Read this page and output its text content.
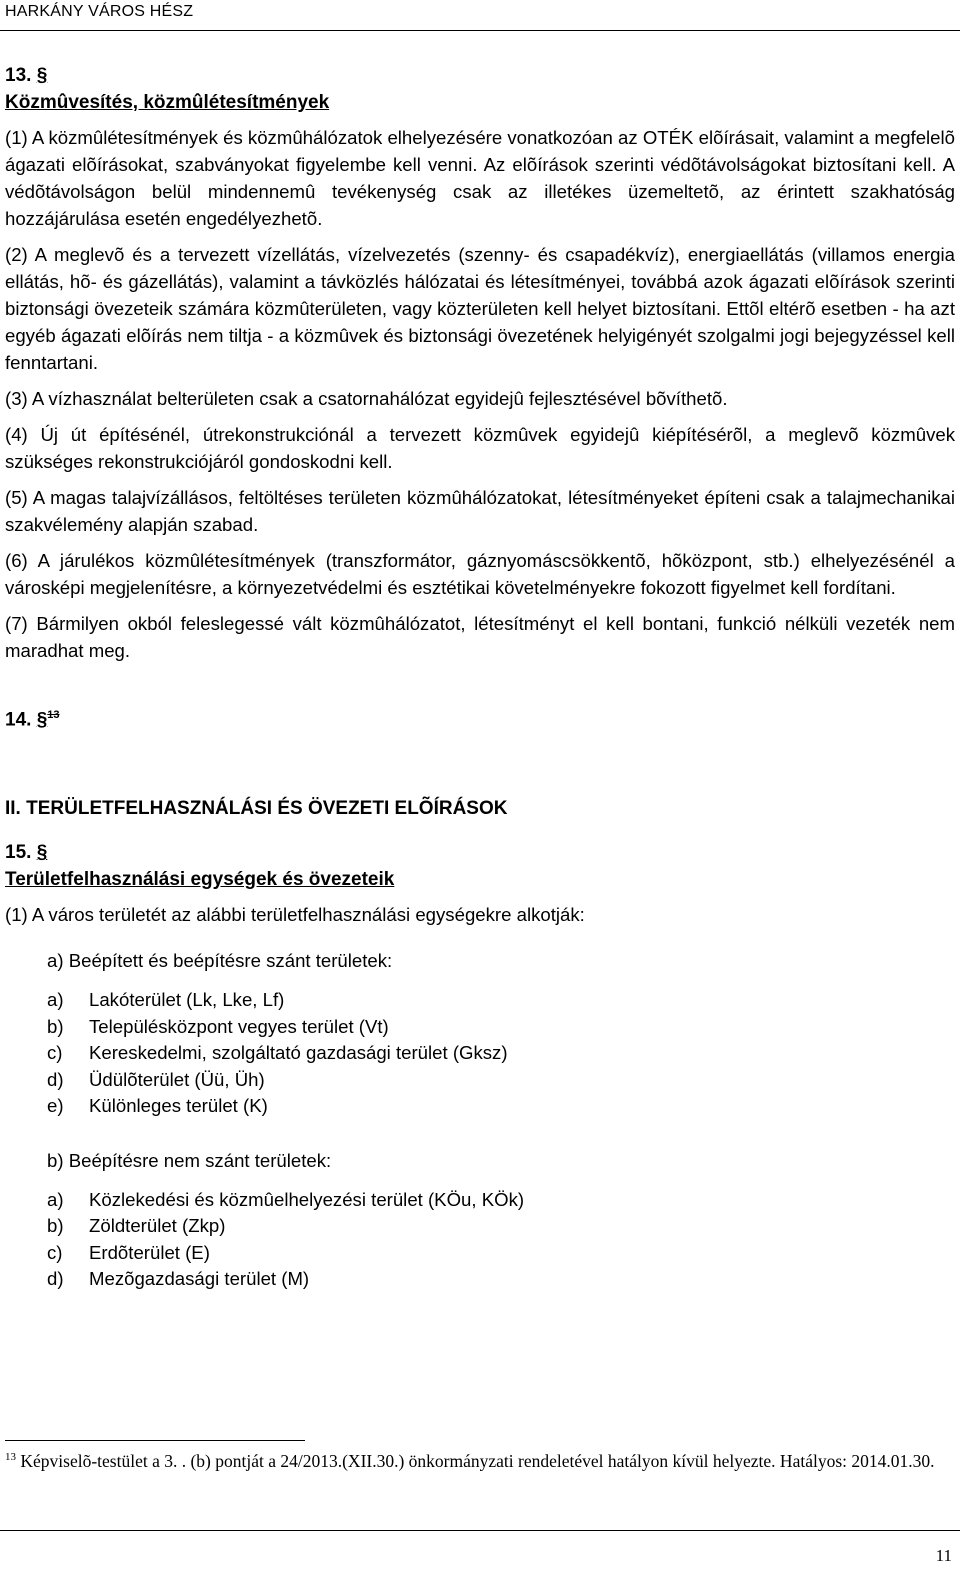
HARKÁNY VÁROS HÉSZ
13. §
Közmûvesítés, közmûlétesítmények
(1) A közmûlétesítmények és közmûhálózatok elhelyezésére vonatkozóan az OTÉK elõírásait, valamint a megfelelõ ágazati elõírásokat, szabványokat figyelembe kell venni. Az elõírások szerinti védõtávolságokat biztosítani kell. A védõtávolságon belül mindennemû tevékenység csak az illetékes üzemeltetõ, az érintett szakhatóság hozzájárulása esetén engedélyezhetõ.
(2) A meglevõ és a tervezett vízellátás, vízelvezetés (szenny- és csapadékvíz), energiaellátás (villamos energia ellátás, hõ- és gázellátás), valamint a távközlés hálózatai és létesítményei, továbbá azok ágazati elõírások szerinti biztonsági övezeteik számára közmûterületen, vagy közterületen kell helyet biztosítani. Ettõl eltérõ esetben - ha azt egyéb ágazati elõírás nem tiltja - a közmûvek és biztonsági övezetének helyigényét szolgalmi jogi bejegyzéssel kell fenntartani.
(3) A vízhasználat belterületen csak a csatornahálózat egyidejû fejlesztésével bõvíthetõ.
(4) Új út építésénél, útrekonstrukciónál a tervezett közmûvek egyidejû kiépítésérõl, a meglevõ közmûvek szükséges rekonstrukciójáról gondoskodni kell.
(5) A magas talajvízállásos, feltöltéses területen közmûhálózatokat, létesítményeket építeni csak a talajmechanikai szakvélemény alapján szabad.
(6) A járulékos közmûlétesítmények (transzformátor, gáznyomáscsökkentõ, hõközpont, stb.) elhelyezésénél a városképi megjelenítésre, a környezetvédelmi és esztétikai követelményekre fokozott figyelmet kell fordítani.
(7) Bármilyen okból feleslegessé vált közmûhálózatot, létesítményt el kell bontani, funkció nélküli vezeték nem maradhat meg.
14. §$^{13}$
II. TERÜLETFELHASZNÁLÁSI ÉS ÖVEZETI ELÕÍRÁSOK
15. §
Területfelhasználási egységek és övezeteik
(1) A város területét az alábbi területfelhasználási egységekre alkotják:
a) Beépített és beépítésre szánt területek:
a) Lakóterület (Lk, Lke, Lf)
b) Településközpont vegyes terület (Vt)
c) Kereskedelmi, szolgáltató gazdasági terület (Gksz)
d) Üdülõterület (Üü, Üh)
e) Különleges terület (K)
b) Beépítésre nem szánt területek:
a) Közlekedési és közmûelhelyezési terület (KÖu, KÖk)
b) Zöldterület (Zkp)
c) Erdõterület (E)
d) Mezõgazdasági terület (M)
$^{13}$ Képviselõ-testület a 3. . (b) pontját a 24/2013.(XII.30.) önkormányzati rendeletével hatályon kívül helyezte. Hatályos: 2014.01.30.
11
